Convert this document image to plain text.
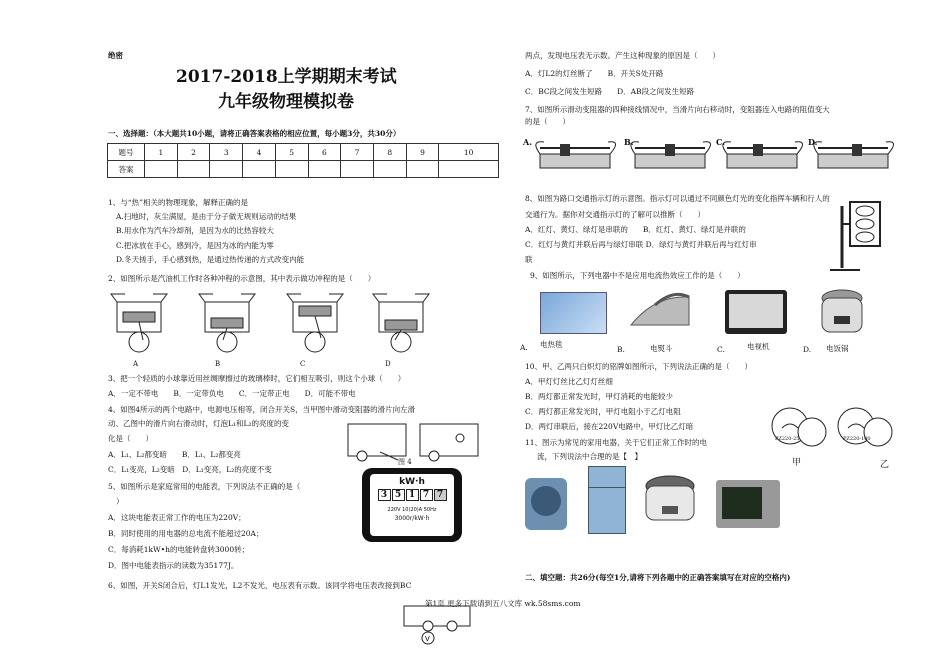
绝密
2017-2018上学期期末考试
九年级物理模拟卷
一、选择题：（本大题共10小题，请将正确答案表格的相应位置，每小题3分，共30分）
题号	1	2	3	4	5	6	7	8	9	10
答案										
1、与“热”相关的物理现象，解释正确的是
A.扫地时，灰尘满屋，是由于分子做无规则运动的结果
B.用水作为汽车冷却剂，是因为水的比热容较大
C.把冰放在手心，感到冷，是因为冰的内能为零
D.冬天搓手，手心感到热，是通过热传递的方式改变内能
2、如图所示是汽油机工作时各种冲程的示意图，其中表示做功冲程的是（　　）
A	B	C	D
3、把一个轻质的小球靠近用丝绸摩擦过的玻璃棒时，它们相互吸引，则这个小球（　　）
A．一定不带电　　B．一定带负电　　C．一定带正电　　D．可能不带电
4、如图4所示的两个电路中，电源电压相等，闭合开关S，当甲图中滑动变阻器的滑片向左滑
动、乙图中的滑片向右滑动时，灯泡L₁和L₂的亮度的变
化是（　　）
A．L₁、L₂都变暗　　B．L₁、L₂都变亮
C．L₁变亮，L₂变暗　D．L₁变亮，L₂的亮度不变
图 4
5、如图所示是家庭常用的电能表，下列说法不正确的是（
）
A．这块电能表正常工作的电压为220V；
B．同时使用的用电器的总电流不能超过20A；
C．每消耗1kW•h的电能转盘转3000转；
D．图中电能表指示的读数为35177J。
kW·h
3 5 1 7 7
220V 10(20)A 50Hz
3000r/kW·h
6、如图，开关S闭合后，灯L1发光，L2不发光，电压表有示数。该同学将电压表改接到BC
V
两点，发现电压表无示数。产生这种现象的原因是（　　）
A．灯L2的灯丝断了　　B．开关S处开路
C．BC段之间发生短路　　D．AB段之间发生短路
7、如图所示滑动变阻器的四种接线情况中，当滑片向右移动时，变阻器连入电路的阻值变大
的是（　　）
A.	B.	C.	D.
8、如图为路口交通指示灯的示意图。指示灯可以通过不同颜色灯光的变化指挥车辆和行人的
交通行为。据你对交通指示灯的了解可以推断（　　）
A．红灯、黄灯、绿灯是串联的　　B．红灯、黄灯、绿灯是并联的
C．红灯与黄灯并联后再与绿灯串联 D．绿灯与黄灯并联后再与红灯串
联
9、如图所示，下列电器中不是应用电流热效应工作的是（　　）
A. 电热毯
B.	电熨斗	C.	电视机	D. 电饭锅
10、甲、乙两只白炽灯的铭牌如图所示，下列说法正确的是（　　）
A．甲灯灯丝比乙灯灯丝细
B．两灯都正常发光时，甲灯消耗的电能较少
C．两灯都正常发光时，甲灯电阻小于乙灯电阻
D．两灯串联后，接在220V电路中，甲灯比乙灯暗
PZ220-25	PZ220-100
甲	乙
11、图示为常见的家用电器，关于它们正常工作时的电
流，下列说法中合理的是【　】
二、填空题：共26分(每空1分,请将下列各题中的正确答案填写在对应的空格内)
第1页 更多下载请到五八文库 wk.58sms.com
